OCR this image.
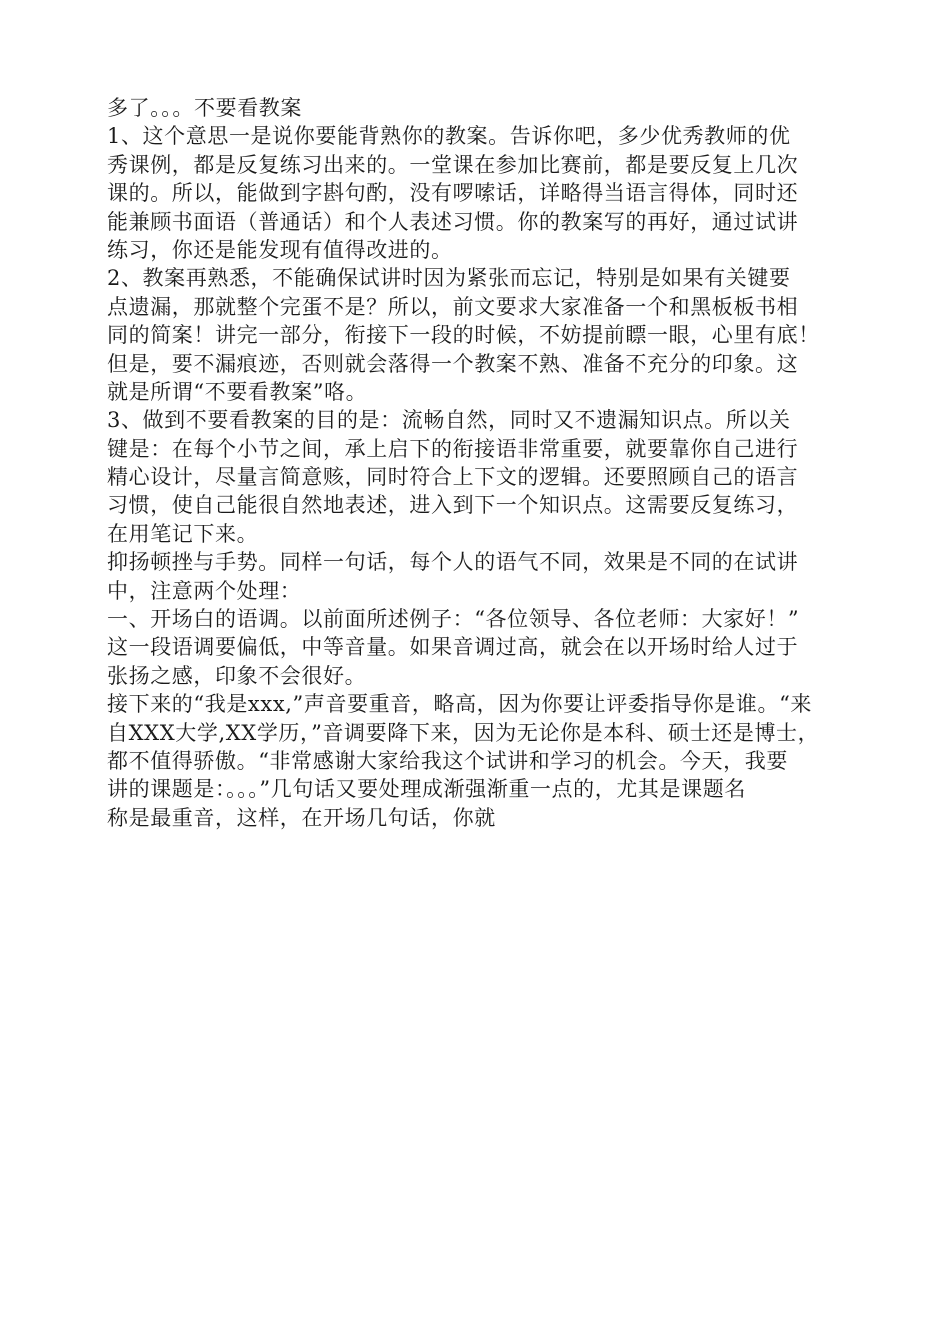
多了。。。不要看教案
1、这个意思一是说你要能背熟你的教案。告诉你吧，多少优秀教师的优
秀课例，都是反复练习出来的。一堂课在参加比赛前，都是要反复上几次
课的。所以，能做到字斟句酌，没有啰嗦话，详略得当语言得体，同时还
能兼顾书面语（普通话）和个人表述习惯。你的教案写的再好，通过试讲
练习，你还是能发现有值得改进的。
2、教案再熟悉，不能确保试讲时因为紧张而忘记，特别是如果有关键要
点遗漏，那就整个完蛋不是？所以，前文要求大家准备一个和黑板板书相
同的简案！讲完一部分，衔接下一段的时候，不妨提前瞟一眼，心里有底！
但是，要不漏痕迹，否则就会落得一个教案不熟、准备不充分的印象。这
就是所谓“不要看教案”咯。
3、做到不要看教案的目的是：流畅自然，同时又不遗漏知识点。所以关
键是：在每个小节之间，承上启下的衔接语非常重要，就要靠你自己进行
精心设计，尽量言简意赅，同时符合上下文的逻辑。还要照顾自己的语言
习惯，使自己能很自然地表述，进入到下一个知识点。这需要反复练习，
在用笔记下来。
抑扬顿挫与手势。同样一句话，每个人的语气不同，效果是不同的在试讲
中，注意两个处理：
一、开场白的语调。以前面所述例子：“各位领导、各位老师：大家好！”
这一段语调要偏低，中等音量。如果音调过高，就会在以开场时给人过于
张扬之感，印象不会很好。
接下来的“我是xxx,”声音要重音，略高，因为你要让评委指导你是谁。“来
自XXX大学,XX学历，”音调要降下来，因为无论你是本科、硕士还是博士，
都不值得骄傲。“非常感谢大家给我这个试讲和学习的机会。今天，我要
讲的课题是：。。。”几句话又要处理成渐强渐重一点的，尤其是课题名
称是最重音，这样，在开场几句话，你就
